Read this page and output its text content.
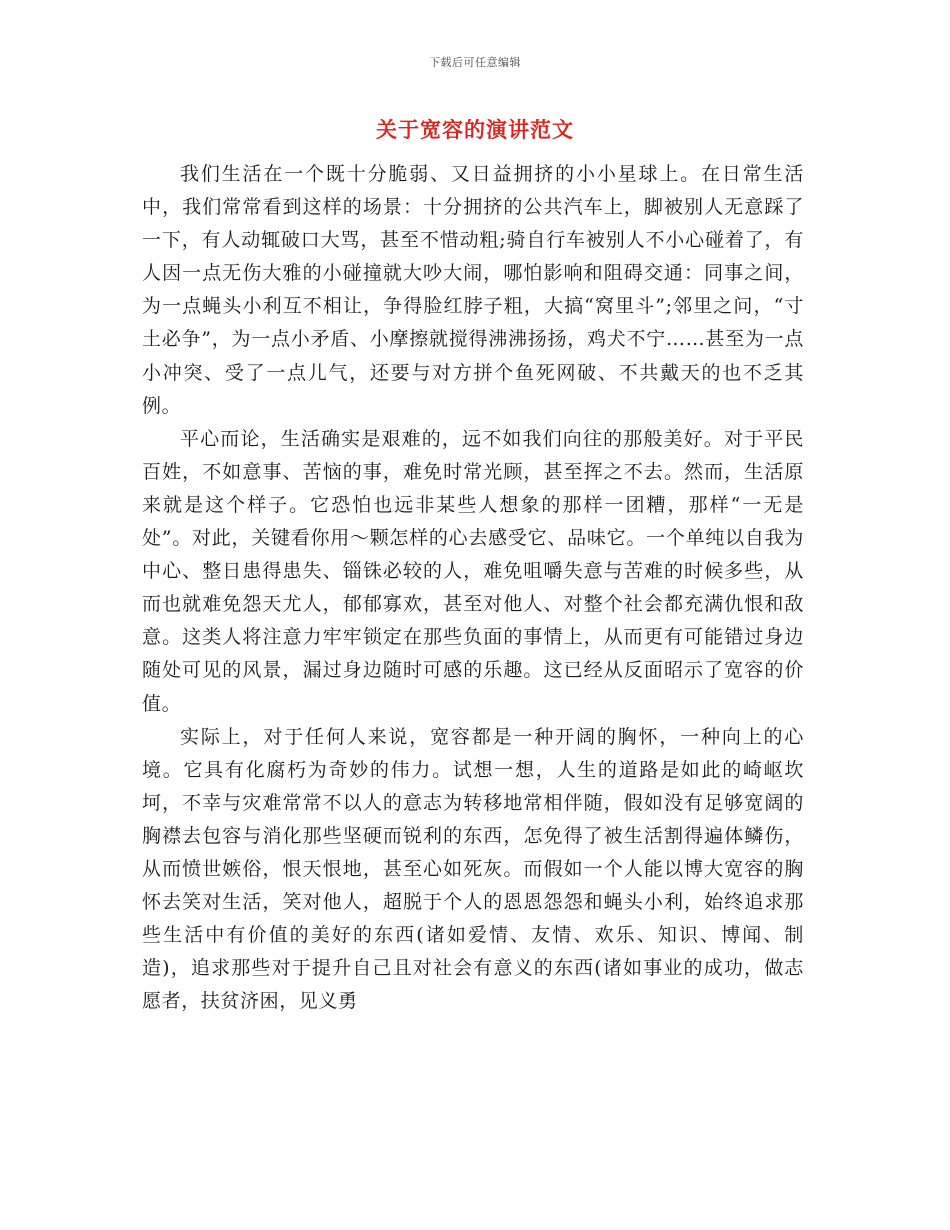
下载后可任意编辑
关于宽容的演讲范文

我们生活在一个既十分脆弱、又日益拥挤的小小星球上。在日常生活中，我们常常看到这样的场景：十分拥挤的公共汽车上，脚被别人无意踩了一下，有人动辄破口大骂，甚至不惜动粗;骑自行车被别人不小心碰着了，有人因一点无伤大雅的小碰撞就大吵大闹，哪怕影响和阻碍交通：同事之间，为一点蝇头小利互不相让，争得脸红脖子粗，大搞“窝里斗”;邻里之问，“寸土必争”，为一点小矛盾、小摩擦就搅得沸沸扬扬，鸡犬不宁……甚至为一点小冲突、受了一点儿气，还要与对方拼个鱼死网破、不共戴天的也不乏其例。

平心而论，生活确实是艰难的，远不如我们向往的那般美好。对于平民百姓，不如意事、苦恼的事，难免时常光顾，甚至挥之不去。然而，生活原来就是这个样子。它恐怕也远非某些人想象的那样一团糟，那样“一无是处”。对此，关键看你用～颗怎样的心去感受它、品味它。一个单纯以自我为中心、整日患得患失、锱铢必较的人，难免咀嚼失意与苦难的时候多些，从而也就难免怨天尤人，郁郁寡欢，甚至对他人、对整个社会都充满仇恨和敌意。这类人将注意力牢牢锁定在那些负面的事情上，从而更有可能错过身边随处可见的风景，漏过身边随时可感的乐趣。这已经从反面昭示了宽容的价值。

实际上，对于任何人来说，宽容都是一种开阔的胸怀，一种向上的心境。它具有化腐朽为奇妙的伟力。试想一想，人生的道路是如此的崎岖坎坷，不幸与灾难常常不以人的意志为转移地常相伴随，假如没有足够宽阔的胸襟去包容与消化那些坚硬而锐利的东西，怎免得了被生活割得遍体鳞伤，从而愤世嫉俗，恨天恨地，甚至心如死灰。而假如一个人能以博大宽容的胸怀去笑对生活，笑对他人，超脱于个人的恩恩怨怨和蝇头小利，始终追求那些生活中有价值的美好的东西(诸如爱情、友情、欢乐、知识、博闻、制造)，追求那些对于提升自己且对社会有意义的东西(诸如事业的成功，做志愿者，扶贫济困，见义勇
